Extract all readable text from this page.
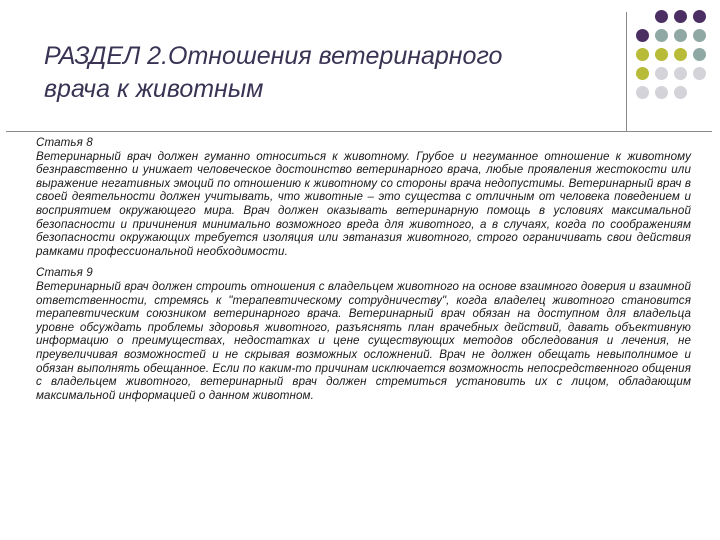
РАЗДЕЛ 2.Отношения ветеринарного
врача к животным
Статья 8
Ветеринарный врач должен гуманно относиться к животному. Грубое и негуманное отношение к животному безнравственно и унижает человеческое достоинство ветеринарного врача, любые проявления жестокости или выражение негативных эмоций по отношению к животному со стороны врача недопустимы. Ветеринарный врач в своей деятельности должен учитывать, что животные – это существа с отличным от человека поведением и восприятием окружающего мира. Врач должен оказывать ветеринарную помощь в условиях максимальной безопасности и причинения минимально возможного вреда для животного, а в случаях, когда по соображениям безопасности окружающих требуется изоляция или эвтаназия животного, строго ограничивать свои действия рамками профессиональной необходимости.
Статья 9
Ветеринарный врач должен строить отношения с владельцем животного на основе взаимного доверия и взаимной ответственности, стремясь к "терапевтическому сотрудничеству", когда владелец животного становится терапевтическим союзником ветеринарного врача. Ветеринарный врач обязан на доступном для владельца уровне обсуждать проблемы здоровья животного, разъяснять план врачебных действий, давать объективную информацию о преимуществах, недостатках и цене существующих методов обследования и лечения, не преувеличивая возможностей и не скрывая возможных осложнений. Врач не должен обещать невыполнимое и обязан выполнять обещанное. Если по каким-то причинам исключается возможность непосредственного общения с владельцем животного, ветеринарный врач должен стремиться установить их с лицом, обладающим максимальной информацией о данном животном.
